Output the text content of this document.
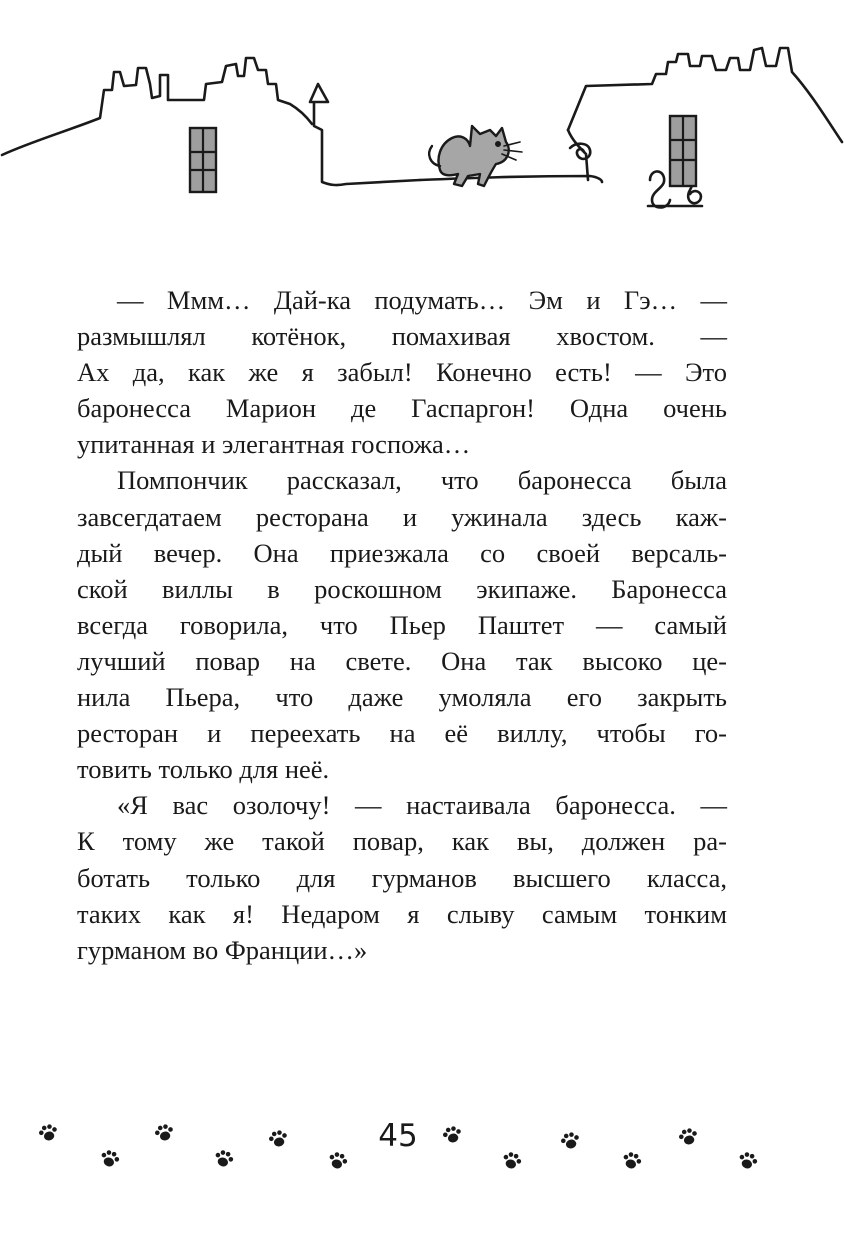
— Ммм… Дай-ка подумать… Эм и Гэ… —
размышлял котёнок, помахивая хвостом. —
Ах да, как же я забыл! Конечно есть! — Это
баронесса Марион де Гаспаргон! Одна очень
упитанная и элегантная госпожа…

Помпончик рассказал, что баронесса была
завсегдатаем ресторана и ужинала здесь каж-
дый вечер. Она приезжала со своей версаль-
ской виллы в роскошном экипаже. Баронесса
всегда говорила, что Пьер Паштет — самый
лучший повар на свете. Она так высоко це-
нила Пьера, что даже умоляла его закрыть
ресторан и переехать на её виллу, чтобы го-
товить только для неё.

«Я вас озолочу! — настаивала баронесса. —
К тому же такой повар, как вы, должен ра-
ботать только для гурманов высшего класса,
таких как я! Недаром я слыву самым тонким
гурманом во Франции…»

45
